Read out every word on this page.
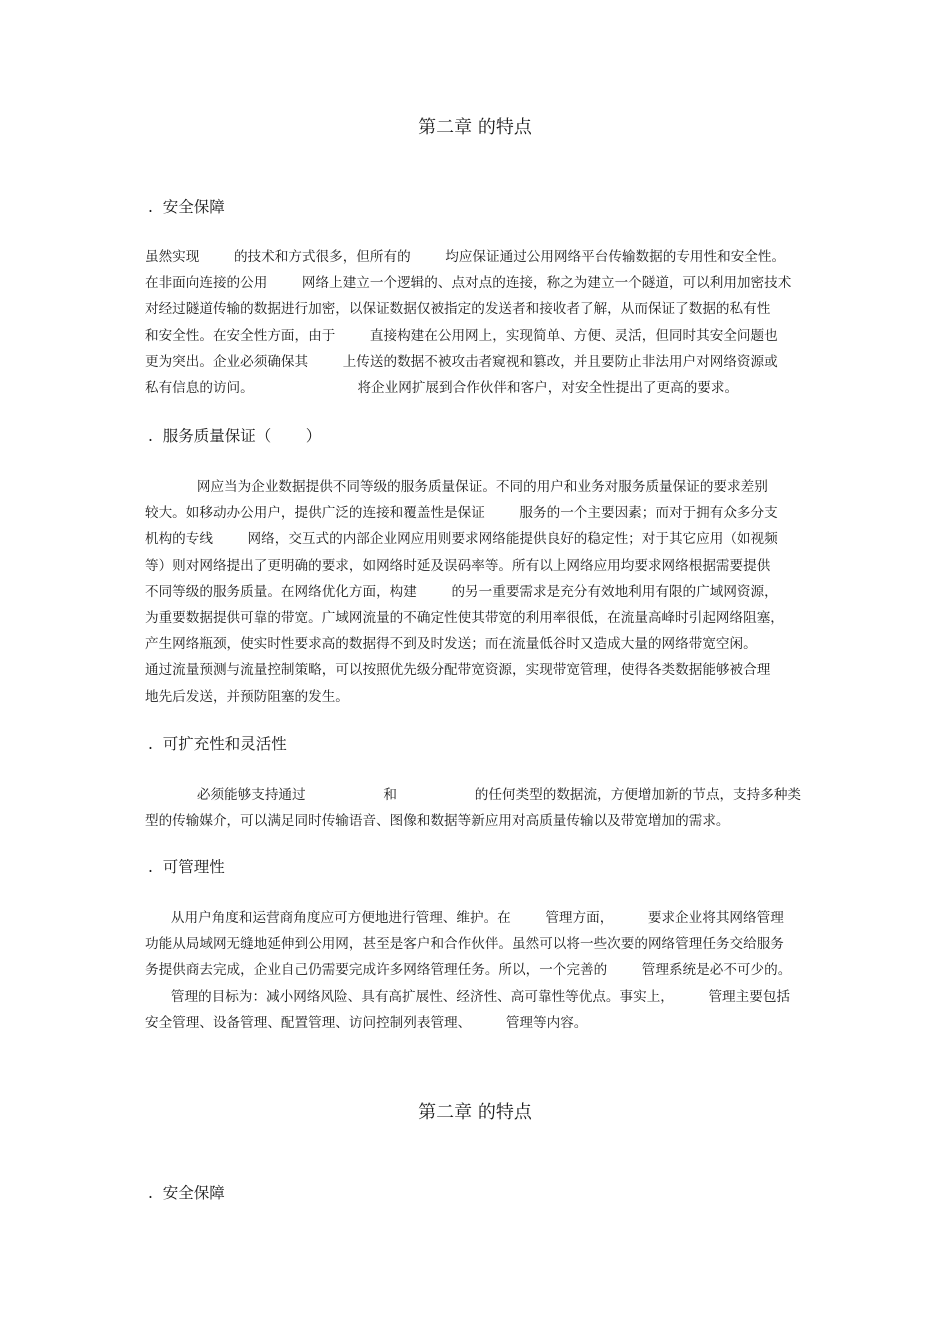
第二章 的特点
.  安全保障
虽然实现        的技术和方式很多，但所有的        均应保证通过公用网络平台传输数据的专用性和安全性。
在非面向连接的公用        网络上建立一个逻辑的、点对点的连接，称之为建立一个隧道，可以利用加密技术
对经过隧道传输的数据进行加密，以保证数据仅被指定的发送者和接收者了解，从而保证了数据的私有性
和安全性。在安全性方面，由于        直接构建在公用网上，实现简单、方便、灵活，但同时其安全问题也
更为突出。企业必须确保其        上传送的数据不被攻击者窥视和篡改，并且要防止非法用户对网络资源或
私有信息的访问。                        将企业网扩展到合作伙伴和客户，对安全性提出了更高的要求。
.  服务质量保证（       ）
网应当为企业数据提供不同等级的服务质量保证。不同的用户和业务对服务质量保证的要求差别
较大。如移动办公用户，提供广泛的连接和覆盖性是保证        服务的一个主要因素；而对于拥有众多分支
机构的专线        网络，交互式的内部企业网应用则要求网络能提供良好的稳定性；对于其它应用（如视频
等）则对网络提出了更明确的要求，如网络时延及误码率等。所有以上网络应用均要求网络根据需要提供
不同等级的服务质量。在网络优化方面，构建        的另一重要需求是充分有效地利用有限的广域网资源，
为重要数据提供可靠的带宽。广域网流量的不确定性使其带宽的利用率很低，在流量高峰时引起网络阻塞，
产生网络瓶颈，使实时性要求高的数据得不到及时发送；而在流量低谷时又造成大量的网络带宽空闲。
通过流量预测与流量控制策略，可以按照优先级分配带宽资源，实现带宽管理，使得各类数据能够被合理
地先后发送，并预防阻塞的发生。
.  可扩充性和灵活性
必须能够支持通过                  和                  的任何类型的数据流，方便增加新的节点，支持多种类
型的传输媒介，可以满足同时传输语音、图像和数据等新应用对高质量传输以及带宽增加的需求。
.  可管理性
从用户角度和运营商角度应可方便地进行管理、维护。在        管理方面，        要求企业将其网络管理
功能从局域网无缝地延伸到公用网，甚至是客户和合作伙伴。虽然可以将一些次要的网络管理任务交给服务
务提供商去完成，企业自己仍需要完成许多网络管理任务。所以，一个完善的        管理系统是必不可少的。
管理的目标为：减小网络风险、具有高扩展性、经济性、高可靠性等优点。事实上，        管理主要包括
安全管理、设备管理、配置管理、访问控制列表管理、        管理等内容。
第二章 的特点
.  安全保障
